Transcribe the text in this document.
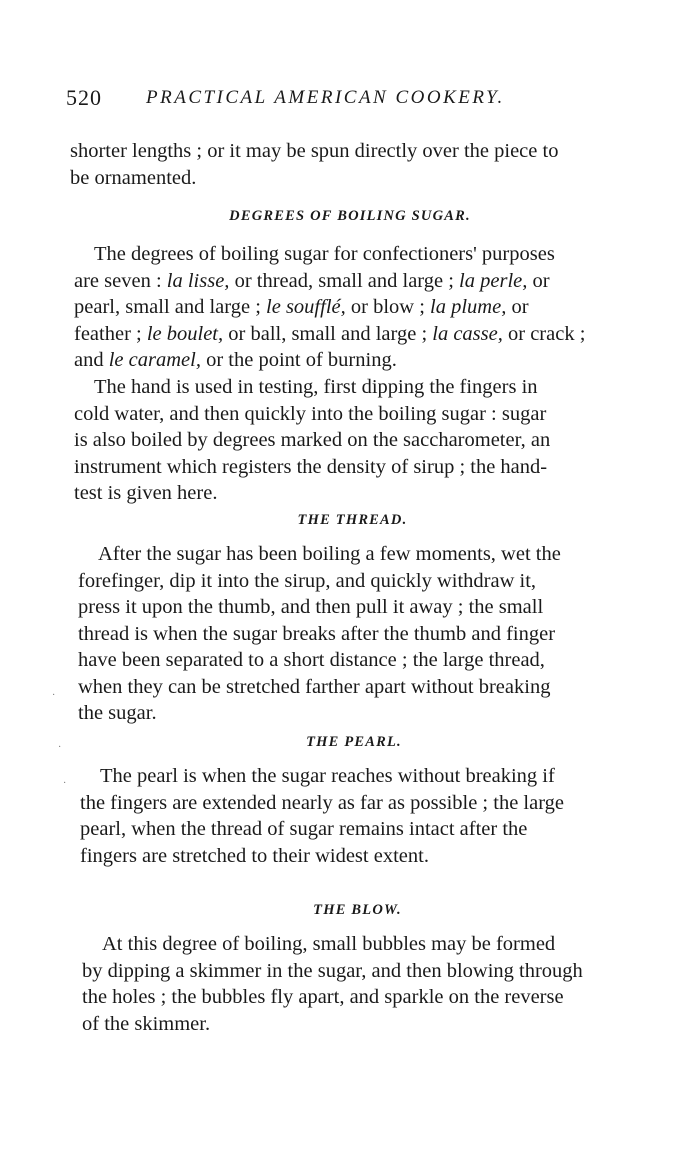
520 PRACTICAL AMERICAN COOKERY.
shorter lengths ; or it may be spun directly over the piece to
be ornamented.
DEGREES OF BOILING SUGAR.
The degrees of boiling sugar for confectioners' purposes
are seven : la lisse, or thread, small and large ; la perle, or
pearl, small and large ; le soufflé, or blow ; la plume, or
feather ; le boulet, or ball, small and large ; la casse, or crack ;
and le caramel, or the point of burning.
The hand is used in testing, first dipping the fingers in
cold water, and then quickly into the boiling sugar : sugar
is also boiled by degrees marked on the saccharometer, an
instrument which registers the density of sirup ; the hand-
test is given here.
THE THREAD.
After the sugar has been boiling a few moments, wet the
forefinger, dip it into the sirup, and quickly withdraw it,
press it upon the thumb, and then pull it away ; the small
thread is when the sugar breaks after the thumb and finger
have been separated to a short distance ; the large thread,
when they can be stretched farther apart without breaking
the sugar.
THE PEARL.
The pearl is when the sugar reaches without breaking if
the fingers are extended nearly as far as possible ; the large
pearl, when the thread of sugar remains intact after the
fingers are stretched to their widest extent.
THE BLOW.
At this degree of boiling, small bubbles may be formed
by dipping a skimmer in the sugar, and then blowing through
the holes ; the bubbles fly apart, and sparkle on the reverse
of the skimmer.
·
·
·
